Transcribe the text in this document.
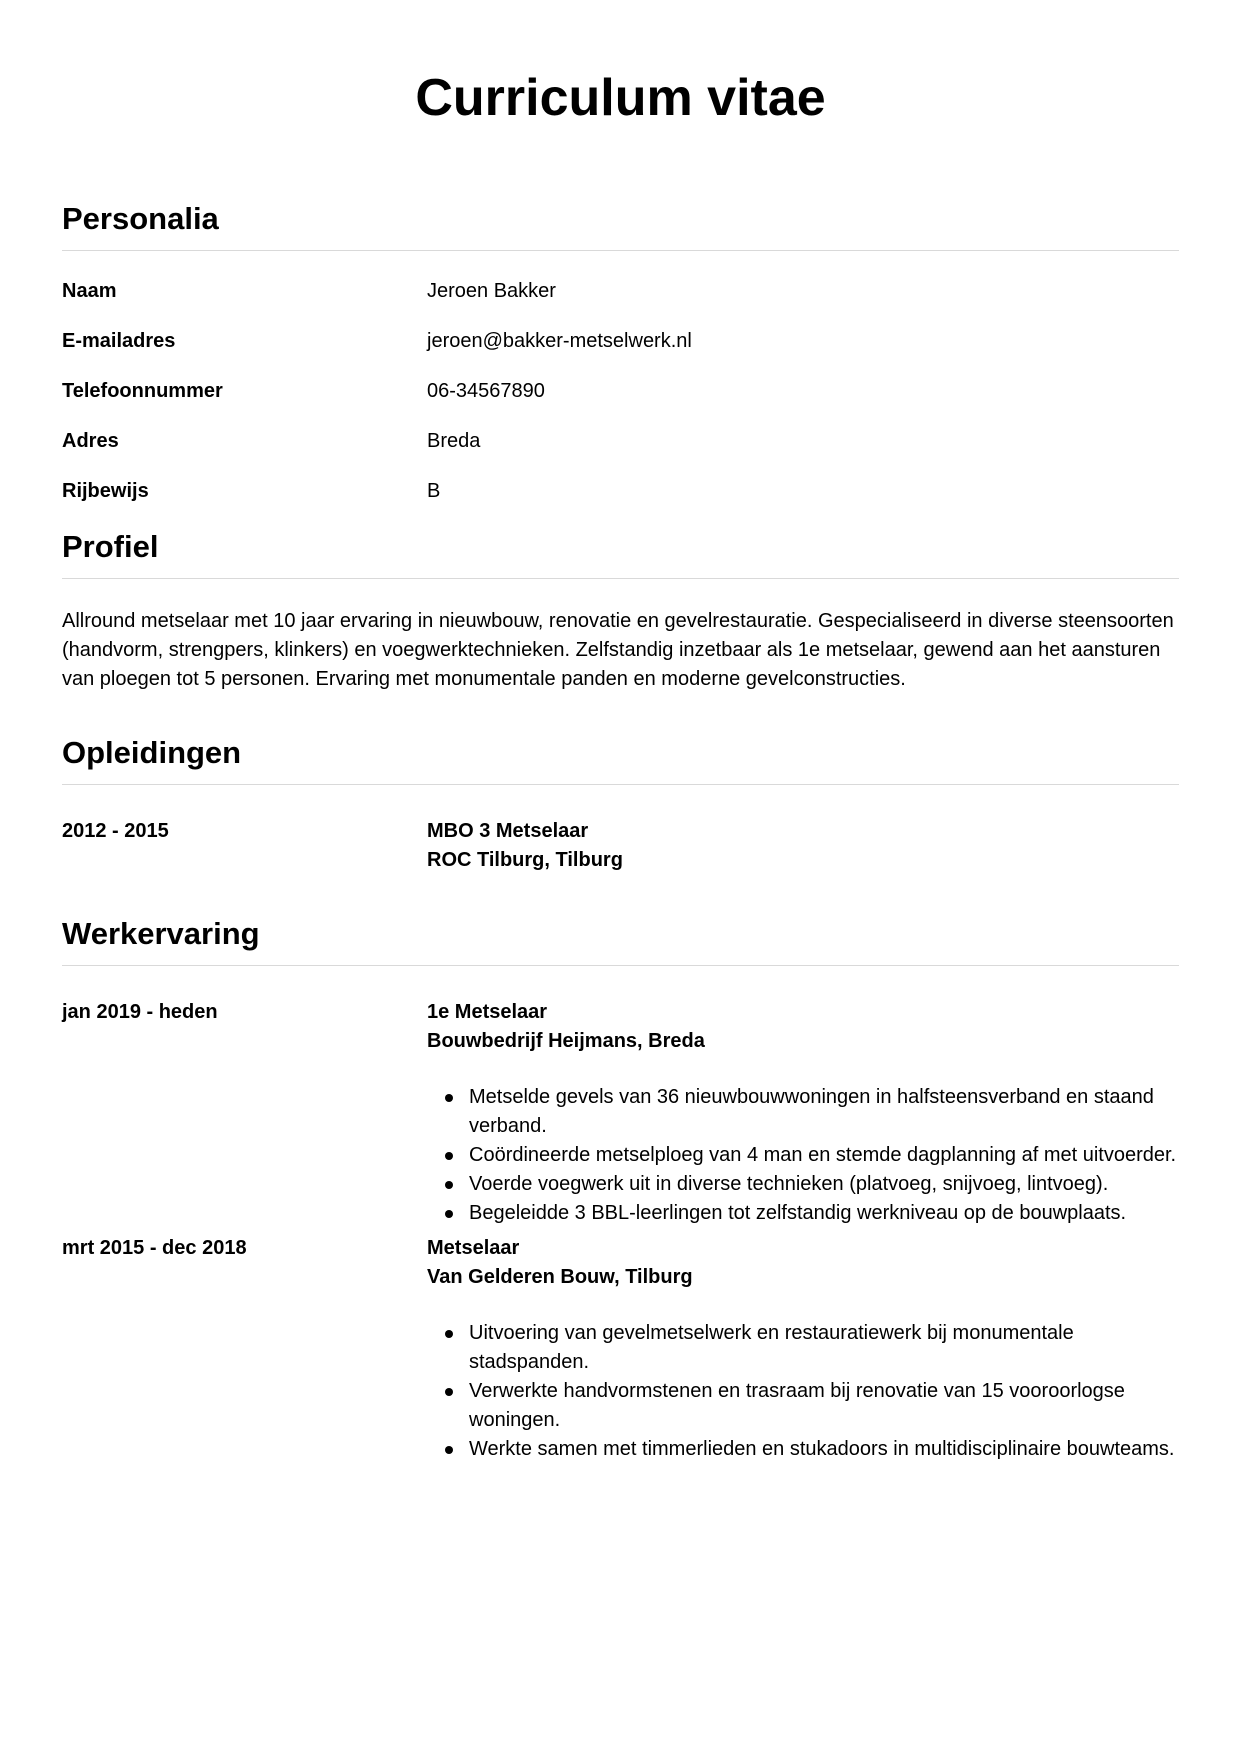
Curriculum vitae
Personalia
Naam	Jeroen Bakker
E-mailadres	jeroen@bakker-metselwerk.nl
Telefoonnummer	06-34567890
Adres	Breda
Rijbewijs	B
Profiel

Allround metselaar met 10 jaar ervaring in nieuwbouw, renovatie en gevelrestauratie. Gespecialiseerd in diverse steensoorten (handvorm, strengpers, klinkers) en voegwerktechnieken. Zelfstandig inzetbaar als 1e metselaar, gewend aan het aansturen van ploegen tot 5 personen. Ervaring met monumentale panden en moderne gevelconstructies.

Opleidingen
2012 - 2015	MBO 3 Metselaar
ROC Tilburg, Tilburg
Werkervaring
jan 2019 - heden	1e Metselaar
Bouwbedrijf Heijmans, Breda
Metselde gevels van 36 nieuwbouwwoningen in halfsteensverband en staand verband.
Coördineerde metselploeg van 4 man en stemde dagplanning af met uitvoerder.
Voerde voegwerk uit in diverse technieken (platvoeg, snijvoeg, lintvoeg).
Begeleidde 3 BBL-leerlingen tot zelfstandig werkniveau op de bouwplaats.
mrt 2015 - dec 2018	Metselaar
Van Gelderen Bouw, Tilburg
Uitvoering van gevelmetselwerk en restauratiewerk bij monumentale stadspanden.
Verwerkte handvormstenen en trasraam bij renovatie van 15 vooroorlogse woningen.
Werkte samen met timmerlieden en stukadoors in multidisciplinaire bouwteams.
